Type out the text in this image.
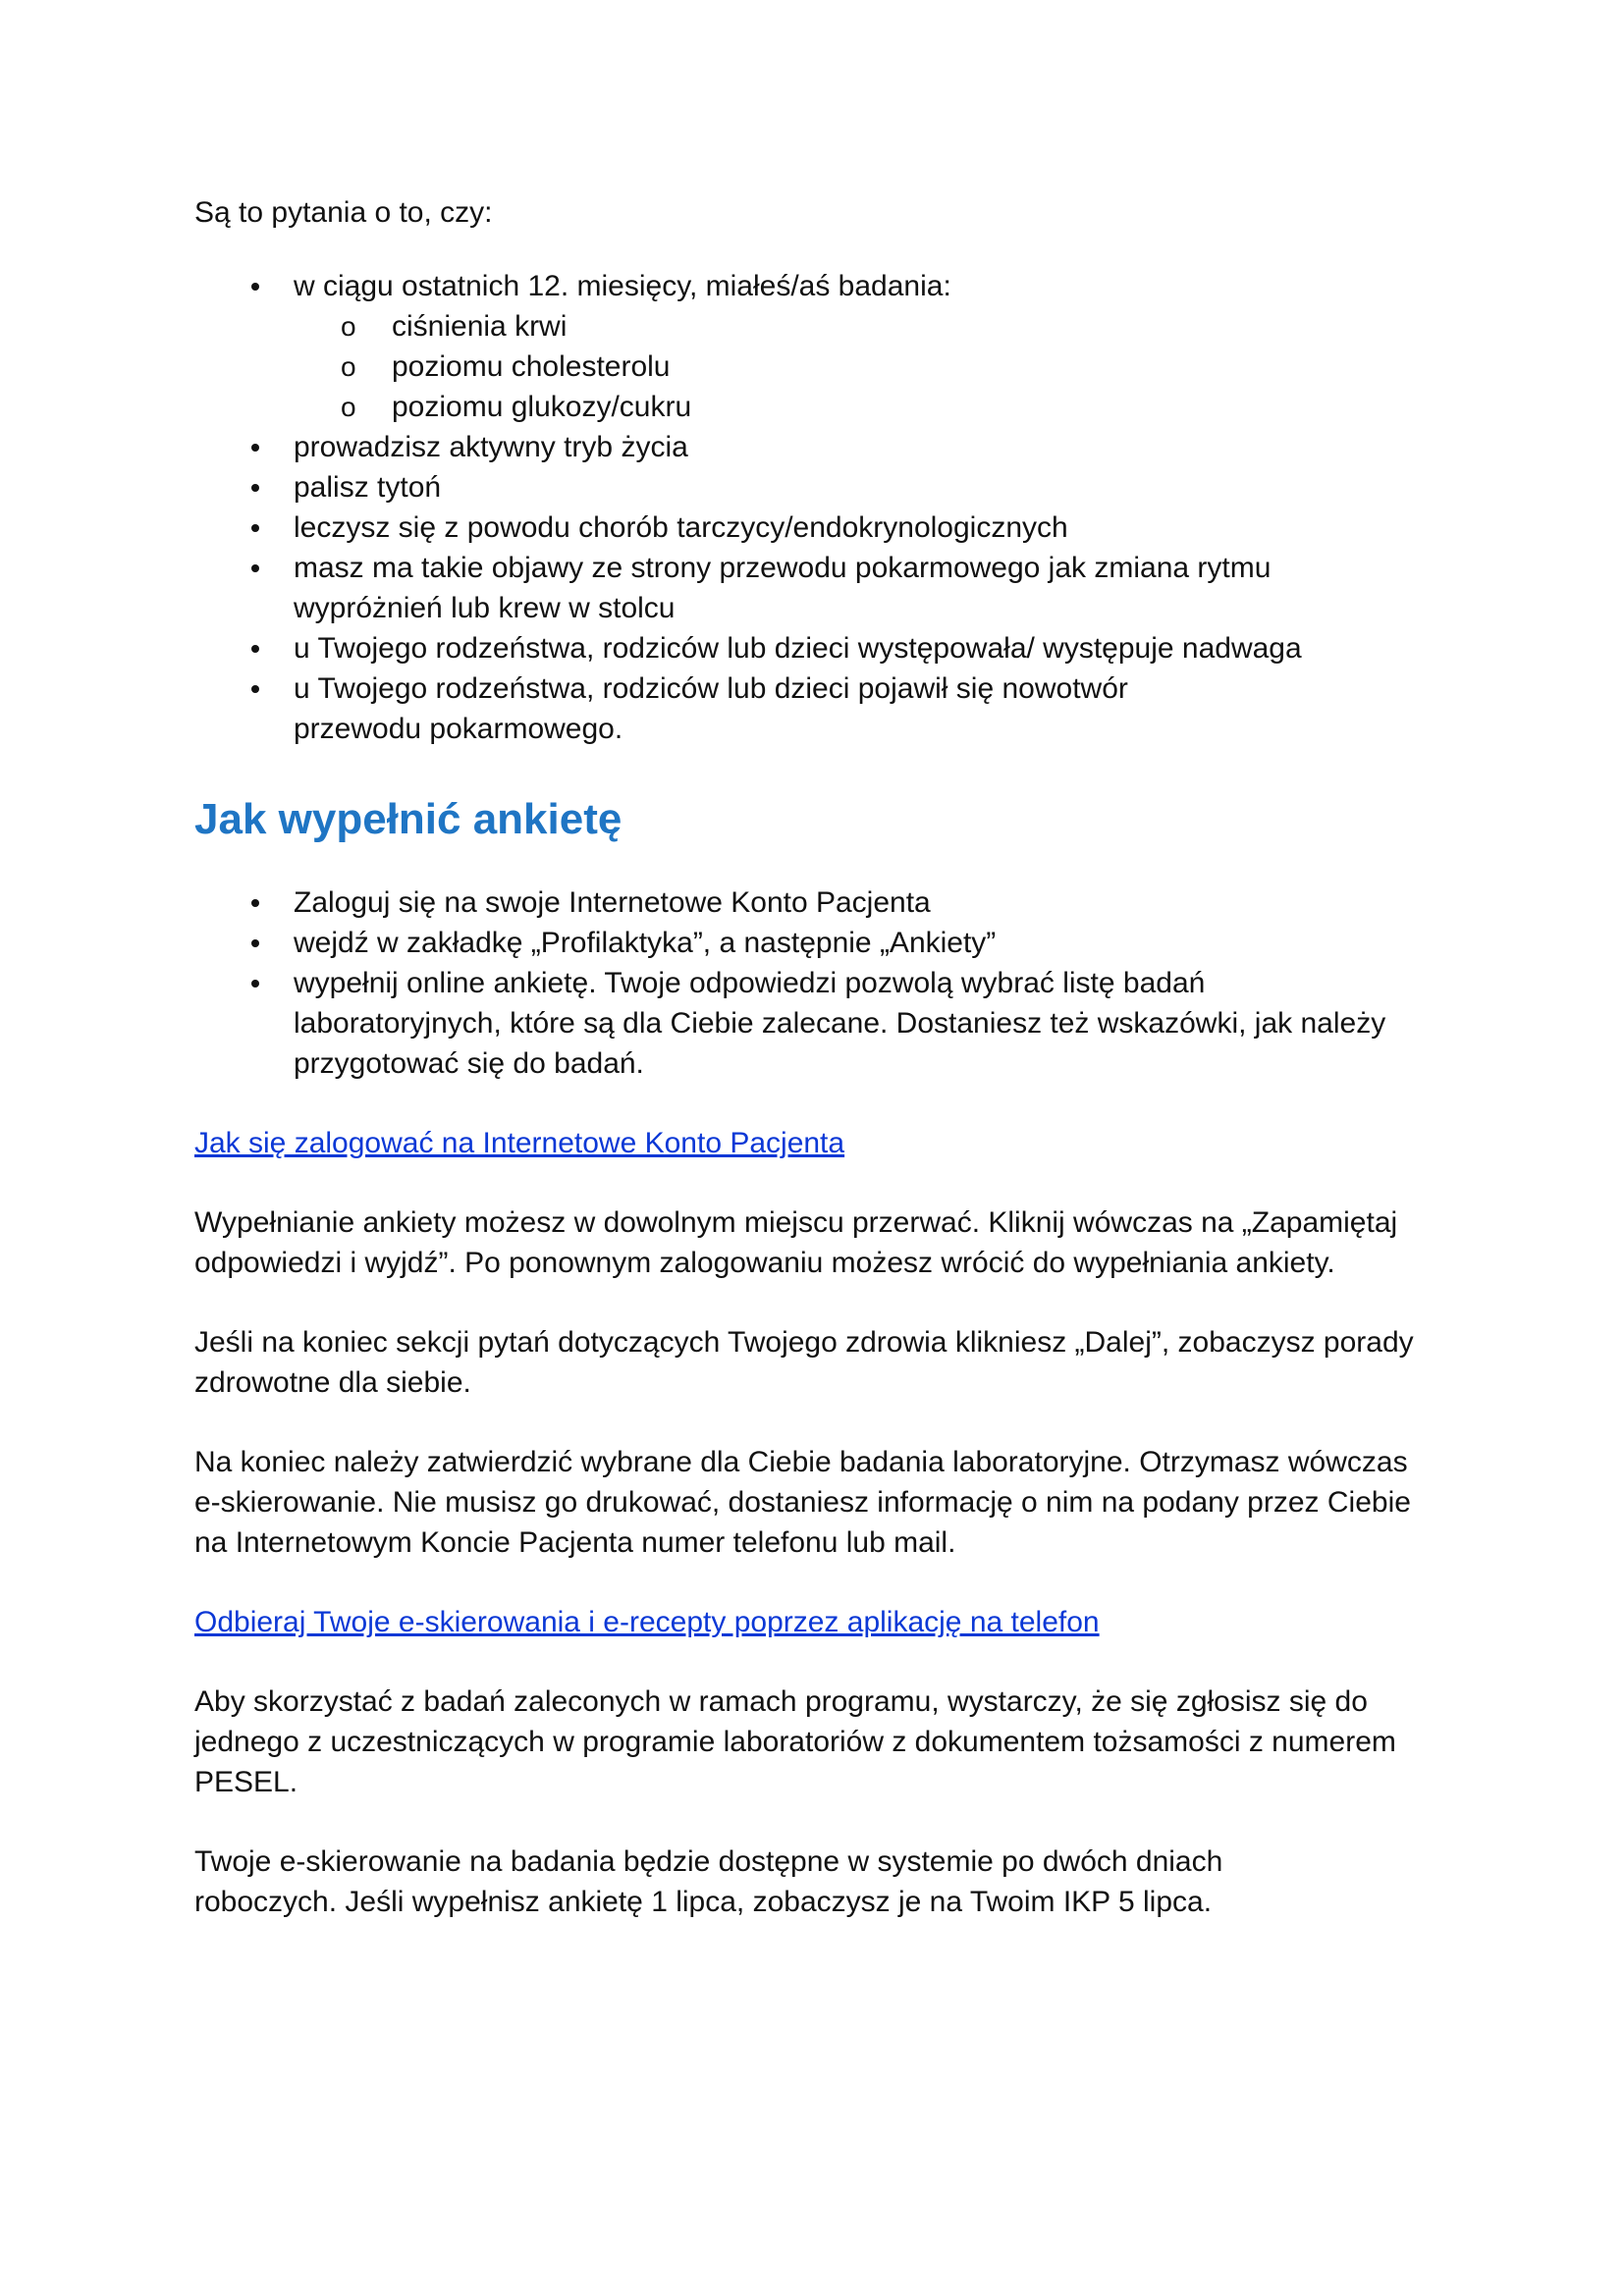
Są to pytania o to, czy:

w ciągu ostatnich 12. miesięcy, miałeś/aś badania:
o ciśnienia krwi
o poziomu cholesterolu
o poziomu glukozy/cukru
prowadzisz aktywny tryb życia
palisz tytoń
leczysz się z powodu chorób tarczycy/endokrynologicznych
masz ma takie objawy ze strony przewodu pokarmowego jak zmiana rytmu
wypróżnień lub krew w stolcu
u Twojego rodzeństwa, rodziców lub dzieci występowała/ występuje nadwaga
u Twojego rodzeństwa, rodziców lub dzieci pojawił się nowotwór
przewodu pokarmowego.
Jak wypełnić ankietę
Zaloguj się na swoje Internetowe Konto Pacjenta
wejdź w zakładkę „Profilaktyka”, a następnie „Ankiety”
wypełnij online ankietę. Twoje odpowiedzi pozwolą wybrać listę badań
laboratoryjnych, które są dla Ciebie zalecane. Dostaniesz też wskazówki, jak należy
przygotować się do badań.

Jak się zalogować na Internetowe Konto Pacjenta

Wypełnianie ankiety możesz w dowolnym miejscu przerwać. Kliknij wówczas na „Zapamiętaj
odpowiedzi i wyjdź”. Po ponownym zalogowaniu możesz wrócić do wypełniania ankiety.

Jeśli na koniec sekcji pytań dotyczących Twojego zdrowia klikniesz „Dalej”, zobaczysz porady
zdrowotne dla siebie.

Na koniec należy zatwierdzić wybrane dla Ciebie badania laboratoryjne. Otrzymasz wówczas
e-skierowanie. Nie musisz go drukować, dostaniesz informację o nim na podany przez Ciebie
na Internetowym Koncie Pacjenta numer telefonu lub mail.

Odbieraj Twoje e-skierowania i e-recepty poprzez aplikację na telefon

Aby skorzystać z badań zaleconych w ramach programu, wystarczy, że się zgłosisz się do
jednego z uczestniczących w programie laboratoriów z dokumentem tożsamości z numerem
PESEL.

Twoje e-skierowanie na badania będzie dostępne w systemie po dwóch dniach
roboczych. Jeśli wypełnisz ankietę 1 lipca, zobaczysz je na Twoim IKP 5 lipca.
